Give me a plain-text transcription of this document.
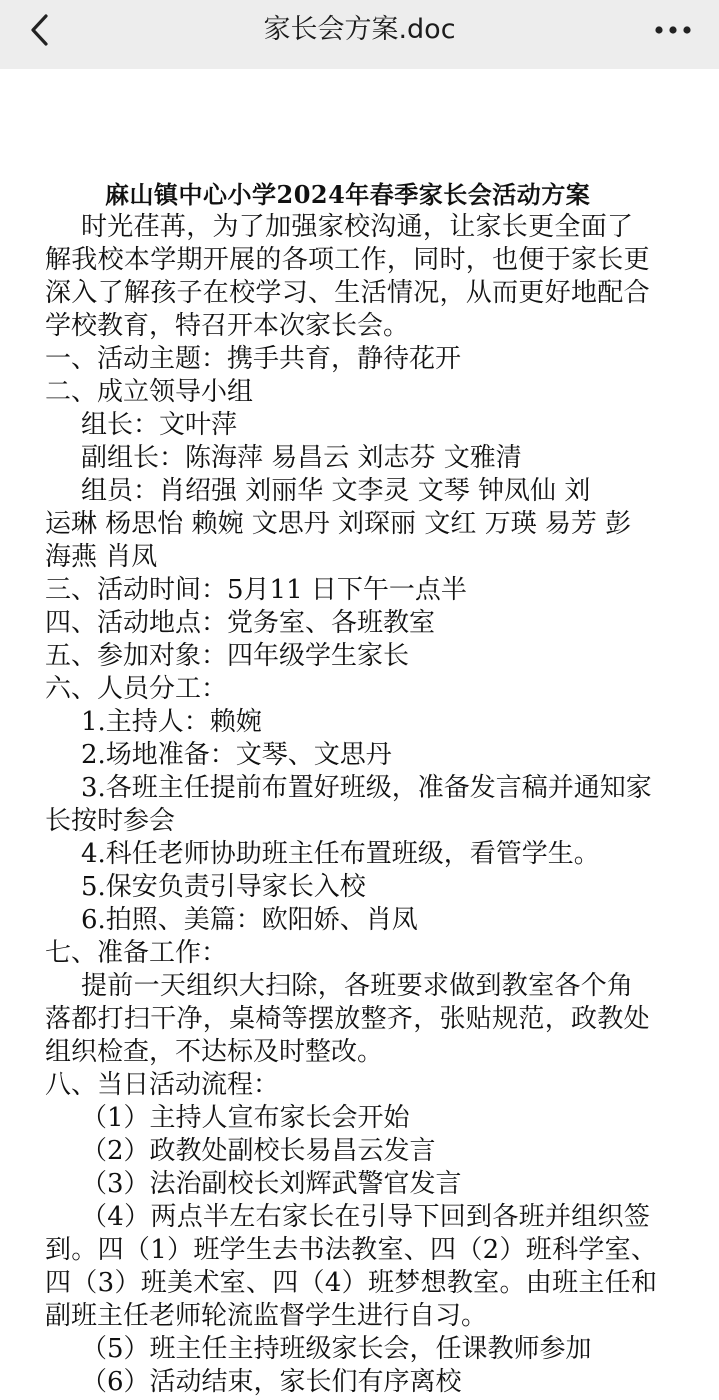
家长会方案.doc
麻山镇中心小学2024年春季家长会活动方案
时光荏苒，为了加强家校沟通，让家长更全面了
解我校本学期开展的各项工作，同时，也便于家长更
深入了解孩子在校学习、生活情况，从而更好地配合
学校教育，特召开本次家长会。
一、活动主题：携手共育，静待花开
二、成立领导小组
组长：文叶萍
副组长：陈海萍 易昌云 刘志芬 文雅清
组员：肖绍强 刘丽华 文李灵 文琴 钟凤仙 刘
运琳 杨思怡 赖婉 文思丹 刘琛丽 文红 万瑛 易芳 彭
海燕 肖凤
三、活动时间：5月11 日下午一点半
四、活动地点：党务室、各班教室
五、参加对象：四年级学生家长
六、人员分工：
1.主持人：赖婉
2.场地准备：文琴、文思丹
3.各班主任提前布置好班级，准备发言稿并通知家
长按时参会
4.科任老师协助班主任布置班级，看管学生。
5.保安负责引导家长入校
6.拍照、美篇：欧阳娇、肖凤
七、准备工作：
提前一天组织大扫除，各班要求做到教室各个角
落都打扫干净，桌椅等摆放整齐，张贴规范，政教处
组织检查，不达标及时整改。
八、当日活动流程：
（1）主持人宣布家长会开始
（2）政教处副校长易昌云发言
（3）法治副校长刘辉武警官发言
（4）两点半左右家长在引导下回到各班并组织签
到。四（1）班学生去书法教室、四（2）班科学室、
四（3）班美术室、四（4）班梦想教室。由班主任和
副班主任老师轮流监督学生进行自习。
（5）班主任主持班级家长会，任课教师参加
（6）活动结束，家长们有序离校
